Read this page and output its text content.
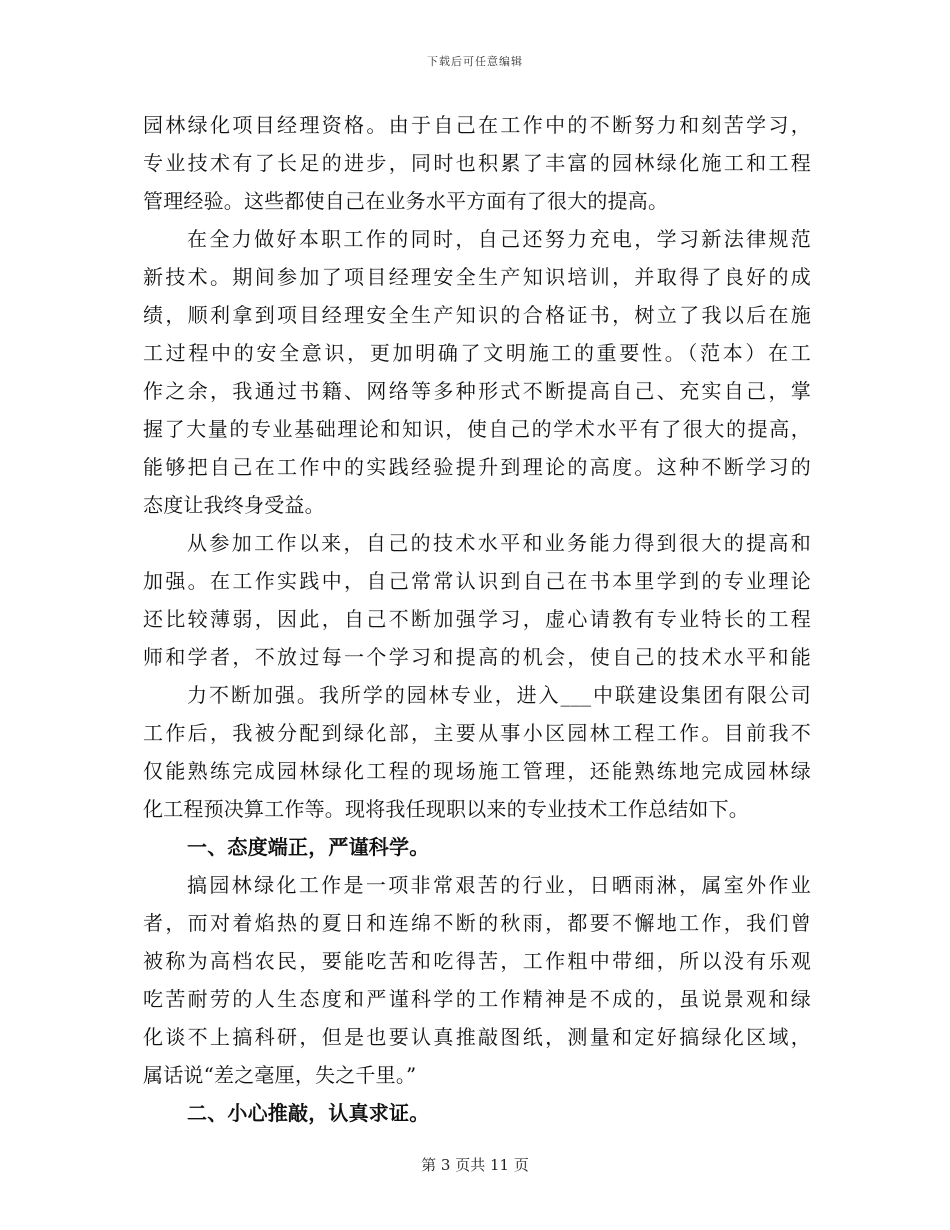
下载后可任意编辑
园林绿化项目经理资格。由于自己在工作中的不断努力和刻苦学习，
专业技术有了长足的进步，同时也积累了丰富的园林绿化施工和工程
管理经验。这些都使自己在业务水平方面有了很大的提高。
在全力做好本职工作的同时，自己还努力充电，学习新法律规范
新技术。期间参加了项目经理安全生产知识培训，并取得了良好的成
绩，顺利拿到项目经理安全生产知识的合格证书，树立了我以后在施
工过程中的安全意识，更加明确了文明施工的重要性。（范本）在工
作之余，我通过书籍、网络等多种形式不断提高自己、充实自己，掌
握了大量的专业基础理论和知识，使自己的学术水平有了很大的提高，
能够把自己在工作中的实践经验提升到理论的高度。这种不断学习的
态度让我终身受益。
从参加工作以来，自己的技术水平和业务能力得到很大的提高和
加强。在工作实践中，自己常常认识到自己在书本里学到的专业理论
还比较薄弱，因此，自己不断加强学习，虚心请教有专业特长的工程
师和学者，不放过每一个学习和提高的机会，使自己的技术水平和能
力不断加强。我所学的园林专业，进入___中联建设集团有限公司
工作后，我被分配到绿化部，主要从事小区园林工程工作。目前我不
仅能熟练完成园林绿化工程的现场施工管理，还能熟练地完成园林绿
化工程预决算工作等。现将我任现职以来的专业技术工作总结如下。
一、态度端正，严谨科学。
搞园林绿化工作是一项非常艰苦的行业，日晒雨淋，属室外作业
者，而对着焰热的夏日和连绵不断的秋雨，都要不懈地工作，我们曾
被称为高档农民，要能吃苦和吃得苦，工作粗中带细，所以没有乐观
吃苦耐劳的人生态度和严谨科学的工作精神是不成的，虽说景观和绿
化谈不上搞科研，但是也要认真推敲图纸，测量和定好搞绿化区域，
属话说“差之毫厘，失之千里。”
二、小心推敲，认真求证。
第 3 页共 11 页
